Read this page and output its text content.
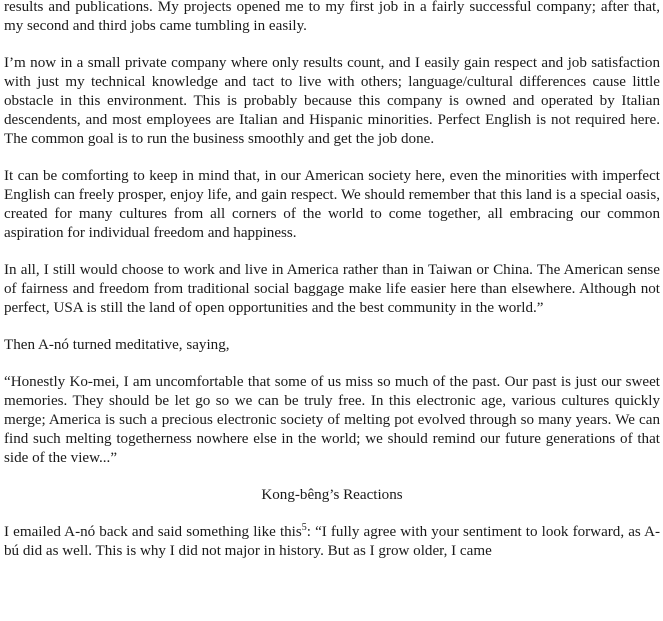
results and publications. My projects opened me to my first job in a fairly successful company; after that, my second and third jobs came tumbling in easily.

I’m now in a small private company where only results count, and I easily gain respect and job satisfaction with just my technical knowledge and tact to live with others; language/cultural differences cause little obstacle in this environment. This is probably because this company is owned and operated by Italian descendents, and most employees are Italian and Hispanic minorities. Perfect English is not required here. The common goal is to run the business smoothly and get the job done.

It can be comforting to keep in mind that, in our American society here, even the minorities with imperfect English can freely prosper, enjoy life, and gain respect. We should remember that this land is a special oasis, created for many cultures from all corners of the world to come together, all embracing our common aspiration for individual freedom and happiness.

In all, I still would choose to work and live in America rather than in Taiwan or China. The American sense of fairness and freedom from traditional social baggage make life easier here than elsewhere. Although not perfect, USA is still the land of open opportunities and the best community in the world.”

Then A-nó turned meditative, saying,

“Honestly Ko-mei, I am uncomfortable that some of us miss so much of the past. Our past is just our sweet memories. They should be let go so we can be truly free. In this electronic age, various cultures quickly merge; America is such a precious electronic society of melting pot evolved through so many years. We can find such melting togetherness nowhere else in the world; we should remind our future generations of that side of the view...”

Kong-bêng’s Reactions

I emailed A-nó back and said something like this$^5$: “I fully agree with your sentiment to look forward, as A-bú did as well. This is why I did not major in history. But as I grow older, I came
